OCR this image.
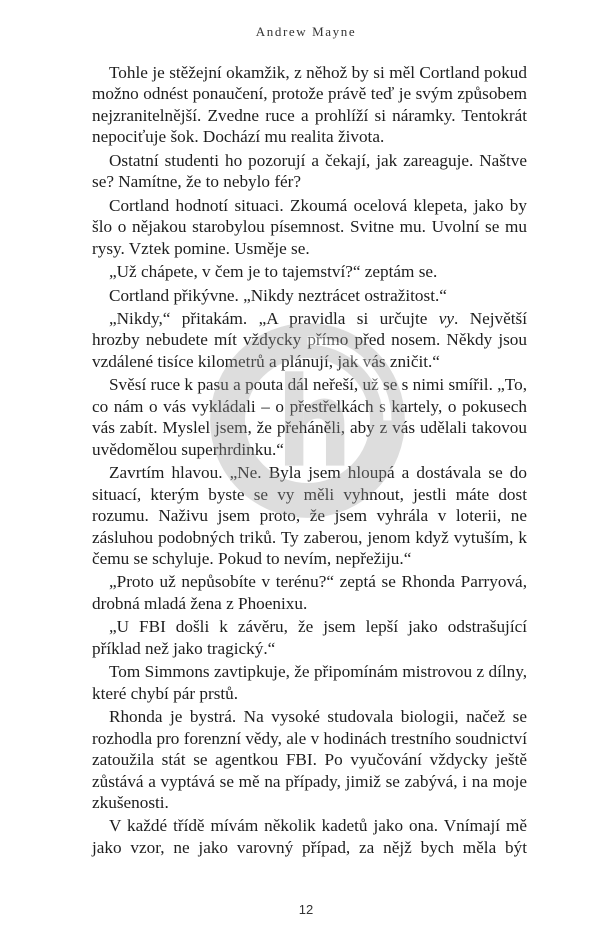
Andrew Mayne

Tohle je stěžejní okamžik, z něhož by si měl Cortland pokud možno odnést ponaučení, protože právě teď je svým způsobem nejzranitelnější. Zvedne ruce a prohlíží si náramky. Tentokrát nepociťuje šok. Dochází mu realita života.

Ostatní studenti ho pozorují a čekají, jak zareaguje. Naštve se? Namítne, že to nebylo fér?

Cortland hodnotí situaci. Zkoumá ocelová klepeta, jako by šlo o nějakou starobylou písemnost. Svitne mu. Uvolní se mu rysy. Vztek pomine. Usměje se.

„Už chápete, v čem je to tajemství?“ zeptám se.

Cortland přikývne. „Nikdy neztrácet ostražitost.“

„Nikdy,“ přitakám. „A pravidla si určujte vy. Největší hrozby nebudete mít vždycky přímo před nosem. Někdy jsou vzdálené tisíce kilometrů a plánují, jak vás zničit.“

Svěsí ruce k pasu a pouta dál neřeší, už se s nimi smířil. „To, co nám o vás vykládali – o přestřelkách s kartely, o pokusech vás zabít. Myslel jsem, že přeháněli, aby z vás udělali takovou uvědomělou superhrdinku.“

Zavrtím hlavou. „Ne. Byla jsem hloupá a dostávala se do situací, kterým byste se vy měli vyhnout, jestli máte dost rozumu. Naživu jsem proto, že jsem vyhrála v loterii, ne zásluhou podobných triků. Ty zaberou, jenom když vytuším, k čemu se schyluje. Pokud to nevím, nepřežiju.“

„Proto už nepůsobíte v terénu?“ zeptá se Rhonda Parryová, drobná mladá žena z Phoenixu.

„U FBI došli k závěru, že jsem lepší jako odstrašující příklad než jako tragický.“

Tom Simmons zavtipkuje, že připomínám mistrovou z dílny, které chybí pár prstů.

Rhonda je bystrá. Na vysoké studovala biologii, načež se rozhodla pro forenzní vědy, ale v hodinách trestního soudnictví zatoužila stát se agentkou FBI. Po vyučování vždycky ještě zůstává a vyptává se mě na případy, jimiž se zabývá, i na moje zkušenosti.

V každé třídě mívám několik kadetů jako ona. Vnímají mě jako vzor, ne jako varovný případ, za nějž bych měla být

12
